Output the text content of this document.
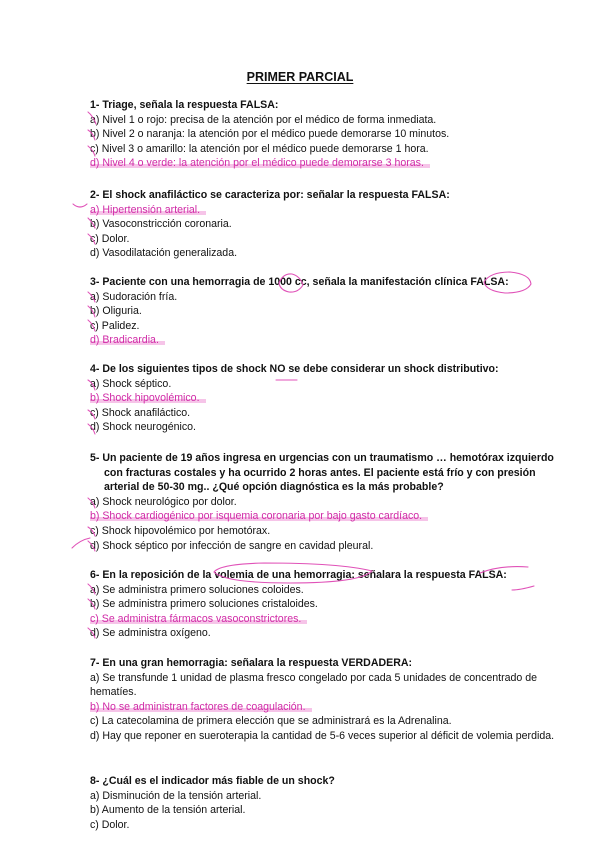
PRIMER PARCIAL
1- Triage, señala la respuesta FALSA:
a) Nivel 1 o rojo: precisa de la atención por el médico de forma inmediata.
b) Nivel 2 o naranja: la atención por el médico puede demorarse 10 minutos.
c) Nivel 3 o amarillo: la atención por el médico puede demorarse 1 hora.
d) Nivel 4 o verde: la atención por el médico puede demorarse 3 horas.
2- El shock anafiláctico se caracteriza por: señalar la respuesta FALSA:
a) Hipertensión arterial.
b) Vasoconstricción coronaria.
c) Dolor.
d) Vasodilatación generalizada.
3- Paciente con una hemorragia de 1000 cc, señala la manifestación clínica FALSA:
a) Sudoración fría.
b) Oliguria.
c) Palidez.
d) Bradicardia.
4- De los siguientes tipos de shock NO se debe considerar un shock distributivo:
a) Shock séptico.
b) Shock hipovolémico.
c) Shock anafiláctico.
d) Shock neurogénico.
5- Un paciente de 19 años ingresa en urgencias con un traumatismo … hemotórax izquierdo con fracturas costales y ha ocurrido 2 horas antes. El paciente está frío y con presión arterial de 50-30 mg.. ¿Qué opción diagnóstica es la más probable?
a) Shock neurológico por dolor.
b) Shock cardiogénico por isquemia coronaria por bajo gasto cardíaco.
c) Shock hipovolémico por hemotórax.
d) Shock séptico por infección de sangre en cavidad pleural.
6- En la reposición de la volemia de una hemorragia: señalara la respuesta FALSA:
a) Se administra primero soluciones coloides.
b) Se administra primero soluciones cristaloides.
c) Se administra fármacos vasoconstrictores.
d) Se administra oxígeno.
7- En una gran hemorragia: señalara la respuesta VERDADERA:
a) Se transfunde 1 unidad de plasma fresco congelado por cada 5 unidades de concentrado de hematíes.
b) No se administran factores de coagulación.
c) La catecolamina de primera elección que se administrará es la Adrenalina.
d) Hay que reponer en sueroterapia la cantidad de 5-6 veces superior al déficit de volemia perdida.
8- ¿Cuál es el indicador más fiable de un shock?
a) Disminución de la tensión arterial.
b) Aumento de la tensión arterial.
c) Dolor.
